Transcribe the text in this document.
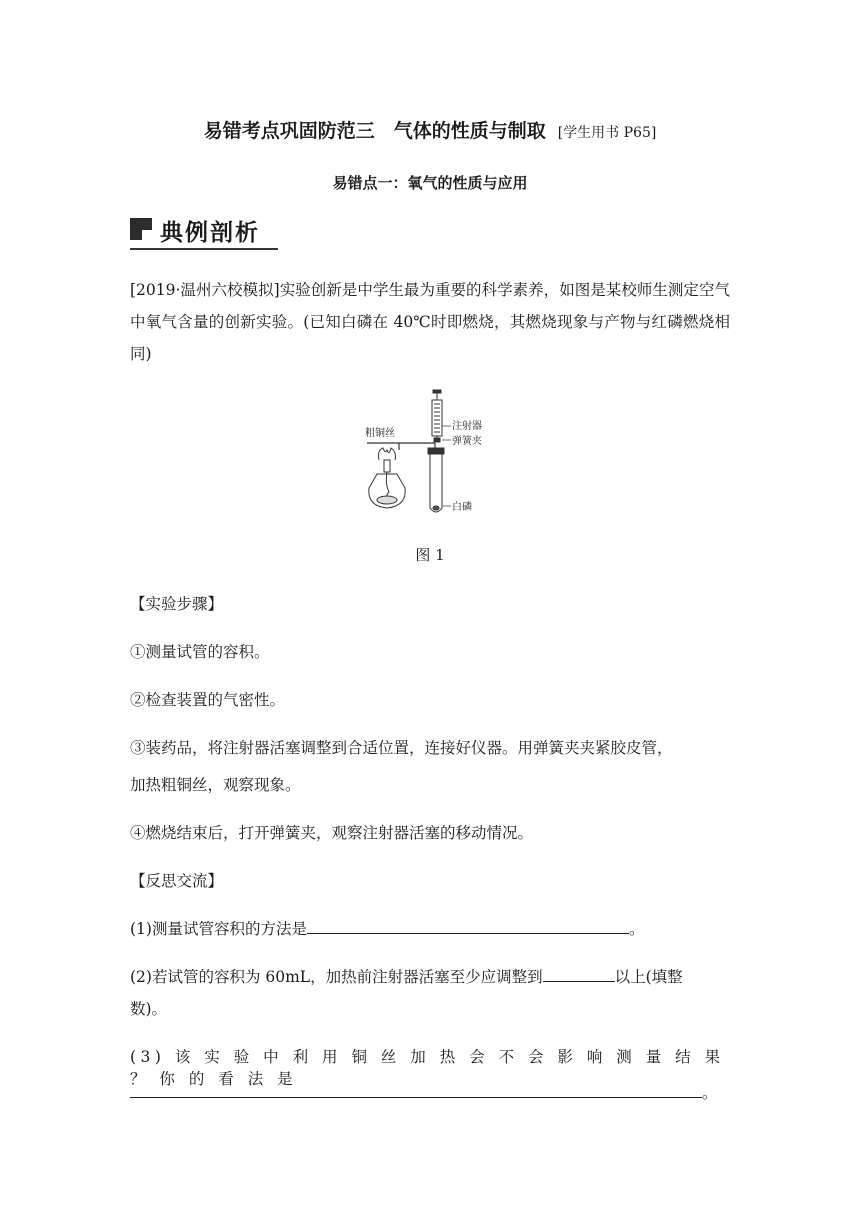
易错考点巩固防范三　气体的性质与制取 [学生用书 P65]
易错点一：氧气的性质与应用
典例剖析
[2019·温州六校模拟]实验创新是中学生最为重要的科学素养，如图是某校师生测定空气中氧气含量的创新实验。(已知白磷在 40℃时即燃烧，其燃烧现象与产物与红磷燃烧相同)
注射器
粗铜丝
弹簧夹
白磷
图 1
【实验步骤】
①测量试管的容积。
②检查装置的气密性。
③装药品，将注射器活塞调整到合适位置，连接好仪器。用弹簧夹夹紧胶皮管，
加热粗铜丝，观察现象。
④燃烧结束后，打开弹簧夹，观察注射器活塞的移动情况。
【反思交流】
(1)测量试管容积的方法是	。
(2)若试管的容积为 60mL，加热前注射器活塞至少应调整到	以上(填整
数)。
(3) 该 实 验 中 利 用 铜 丝 加 热 会 不 会 影 响 测 量 结 果 ？ 你 的 看 法 是
。
